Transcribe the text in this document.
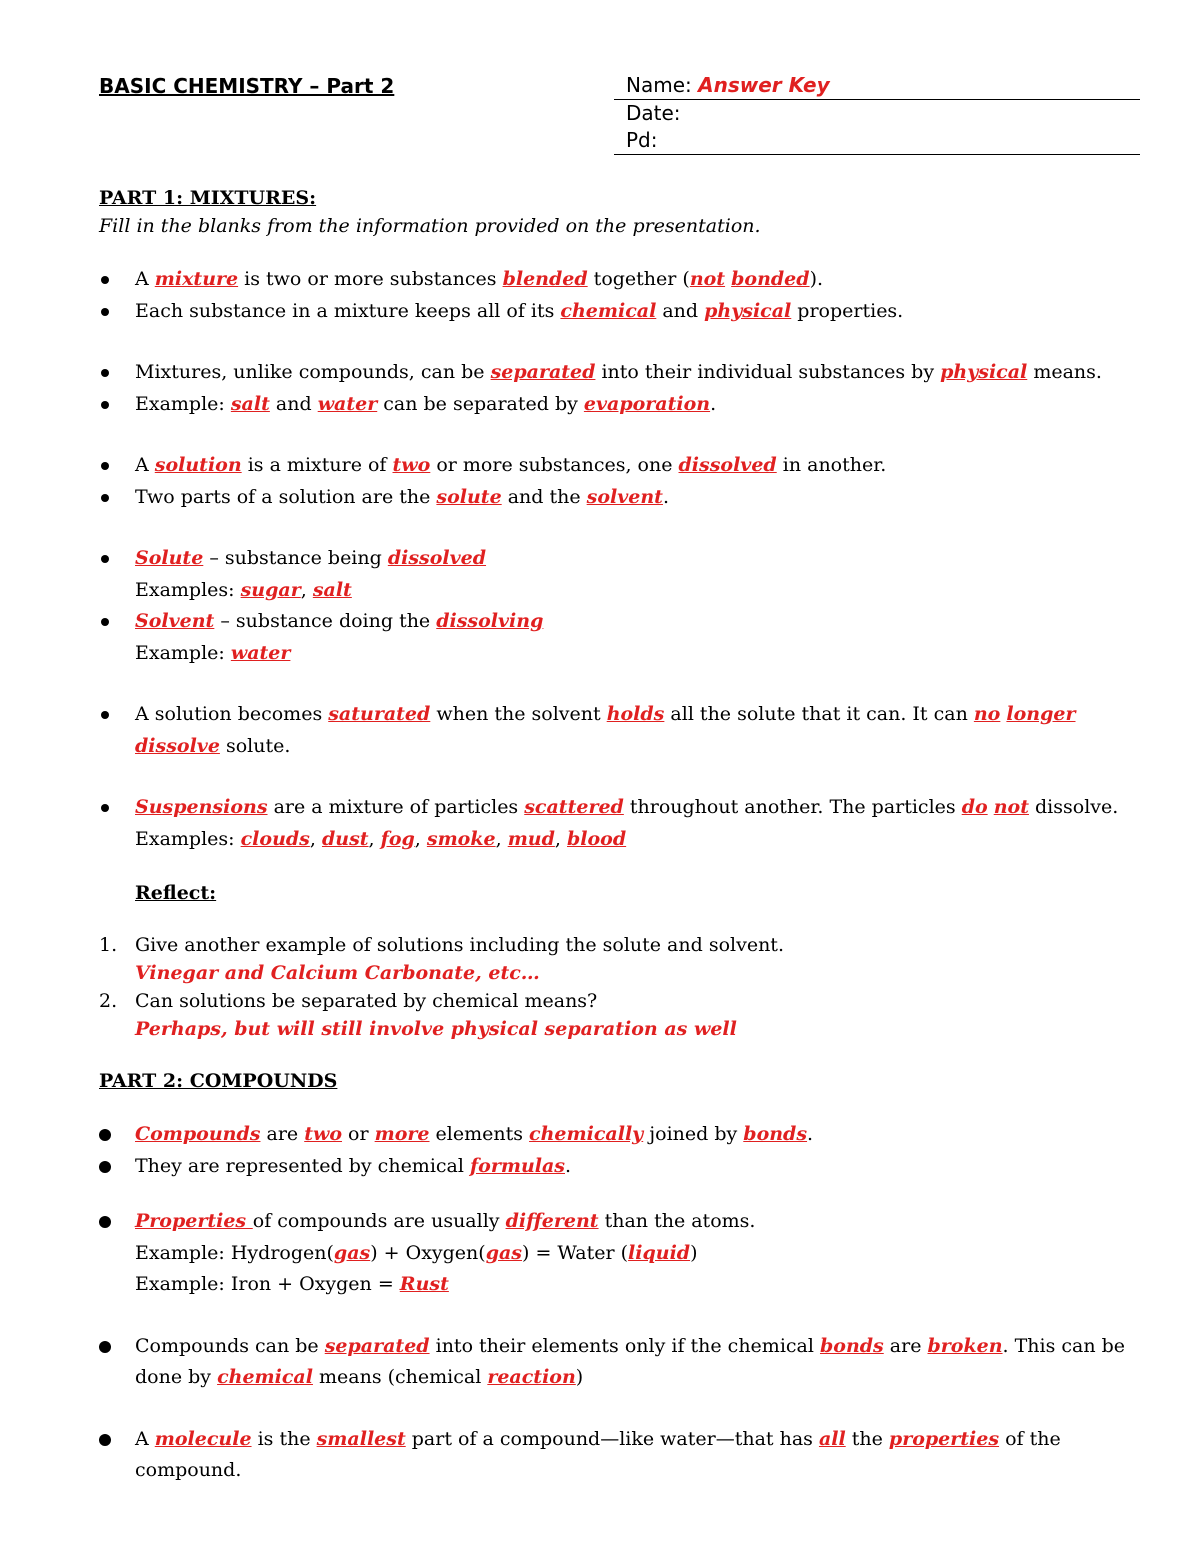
BASIC CHEMISTRY – Part 2	Name: Answer Key
Date:
Pd:
PART 1: MIXTURES:
Fill in the blanks from the information provided on the presentation.
A mixture is two or more substances blended together (not bonded).
Each substance in a mixture keeps all of its chemical and physical properties.
Mixtures, unlike compounds, can be separated into their individual substances by physical means.
Example: salt and water can be separated by evaporation.
A solution is a mixture of two or more substances, one dissolved in another.
Two parts of a solution are the solute and the solvent.
Solute – substance being dissolved
Examples: sugar, salt
Solvent – substance doing the dissolving
Example: water
A solution becomes saturated when the solvent holds all the solute that it can. It can no longer dissolve solute.
Suspensions are a mixture of particles scattered throughout another. The particles do not dissolve. Examples: clouds, dust, fog, smoke, mud, blood
Reflect:
1. Give another example of solutions including the solute and solvent.
Vinegar and Calcium Carbonate, etc…
2. Can solutions be separated by chemical means?
Perhaps, but will still involve physical separation as well
PART 2: COMPOUNDS
Compounds are two or more elements chemically joined by bonds.
They are represented by chemical formulas.
Properties of compounds are usually different than the atoms.
Example: Hydrogen(gas) + Oxygen(gas) = Water (liquid)
Example: Iron + Oxygen = Rust
Compounds can be separated into their elements only if the chemical bonds are broken. This can be done by chemical means (chemical reaction)
A molecule is the smallest part of a compound—like water—that has all the properties of the compound.
